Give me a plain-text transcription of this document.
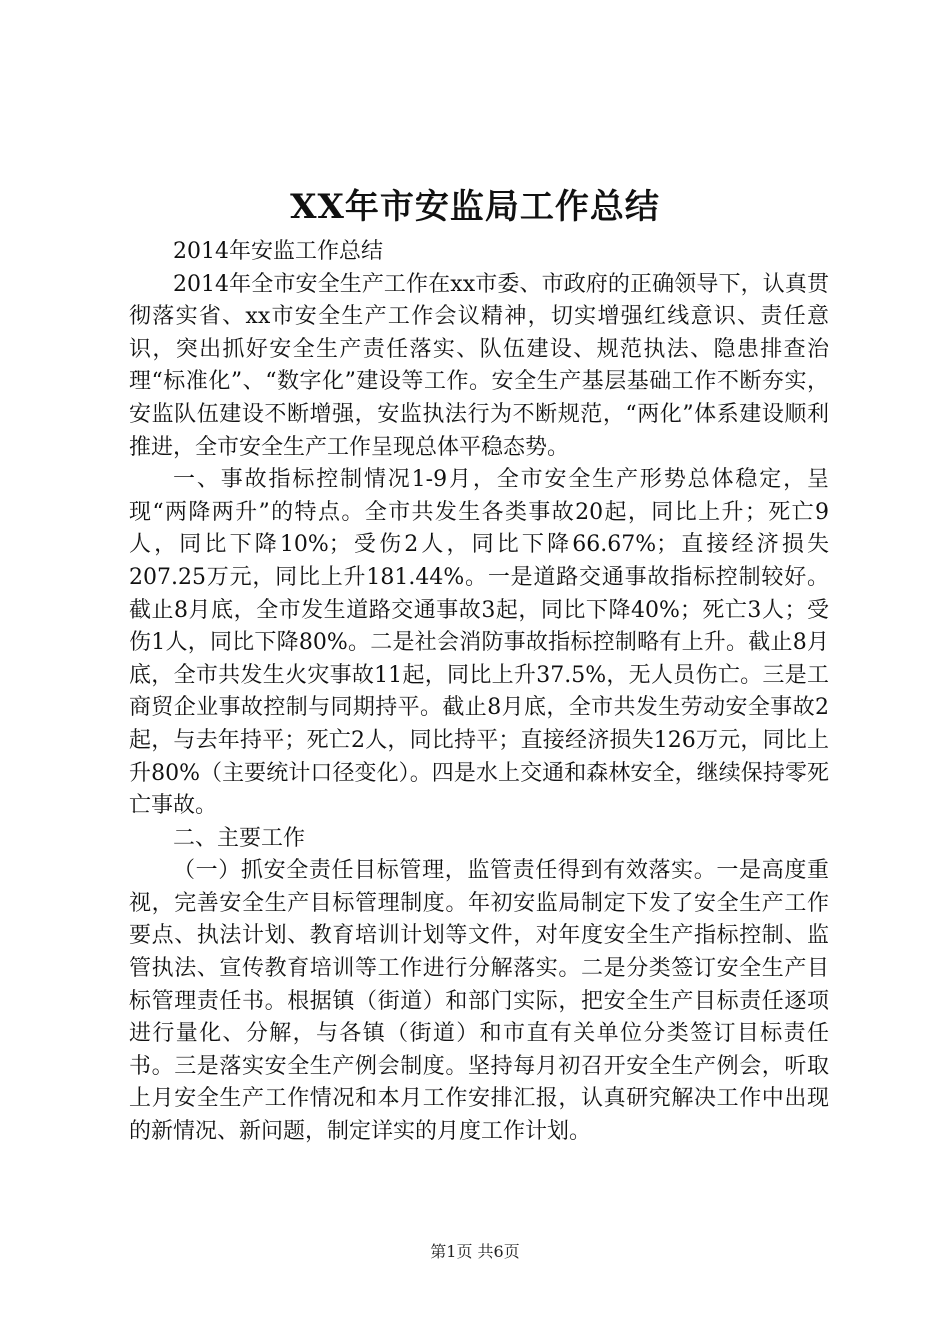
XX年市安监局工作总结

2014年安监工作总结

2014年全市安全生产工作在xx市委、市政府的正确领导下，认真贯彻落实省、xx市安全生产工作会议精神，切实增强红线意识、责任意识，突出抓好安全生产责任落实、队伍建设、规范执法、隐患排查治理“标准化”、“数字化”建设等工作。安全生产基层基础工作不断夯实，安监队伍建设不断增强，安监执法行为不断规范，“两化”体系建设顺利推进，全市安全生产工作呈现总体平稳态势。

一、事故指标控制情况1-9月，全市安全生产形势总体稳定，呈现“两降两升”的特点。全市共发生各类事故20起，同比上升；死亡9人，同比下降10%；受伤2人，同比下降66.67%；直接经济损失207.25万元，同比上升181.44%。一是道路交通事故指标控制较好。截止8月底，全市发生道路交通事故3起，同比下降40%；死亡3人；受伤1人，同比下降80%。二是社会消防事故指标控制略有上升。截止8月底，全市共发生火灾事故11起，同比上升37.5%，无人员伤亡。三是工商贸企业事故控制与同期持平。截止8月底，全市共发生劳动安全事故2起，与去年持平；死亡2人，同比持平；直接经济损失126万元，同比上升80%（主要统计口径变化）。四是水上交通和森林安全，继续保持零死亡事故。

二、主要工作

（一）抓安全责任目标管理，监管责任得到有效落实。一是高度重视，完善安全生产目标管理制度。年初安监局制定下发了安全生产工作要点、执法计划、教育培训计划等文件，对年度安全生产指标控制、监管执法、宣传教育培训等工作进行分解落实。二是分类签订安全生产目标管理责任书。根据镇（街道）和部门实际，把安全生产目标责任逐项进行量化、分解，与各镇（街道）和市直有关单位分类签订目标责任书。三是落实安全生产例会制度。坚持每月初召开安全生产例会，听取上月安全生产工作情况和本月工作安排汇报，认真研究解决工作中出现的新情况、新问题，制定详实的月度工作计划。

第1页 共6页
